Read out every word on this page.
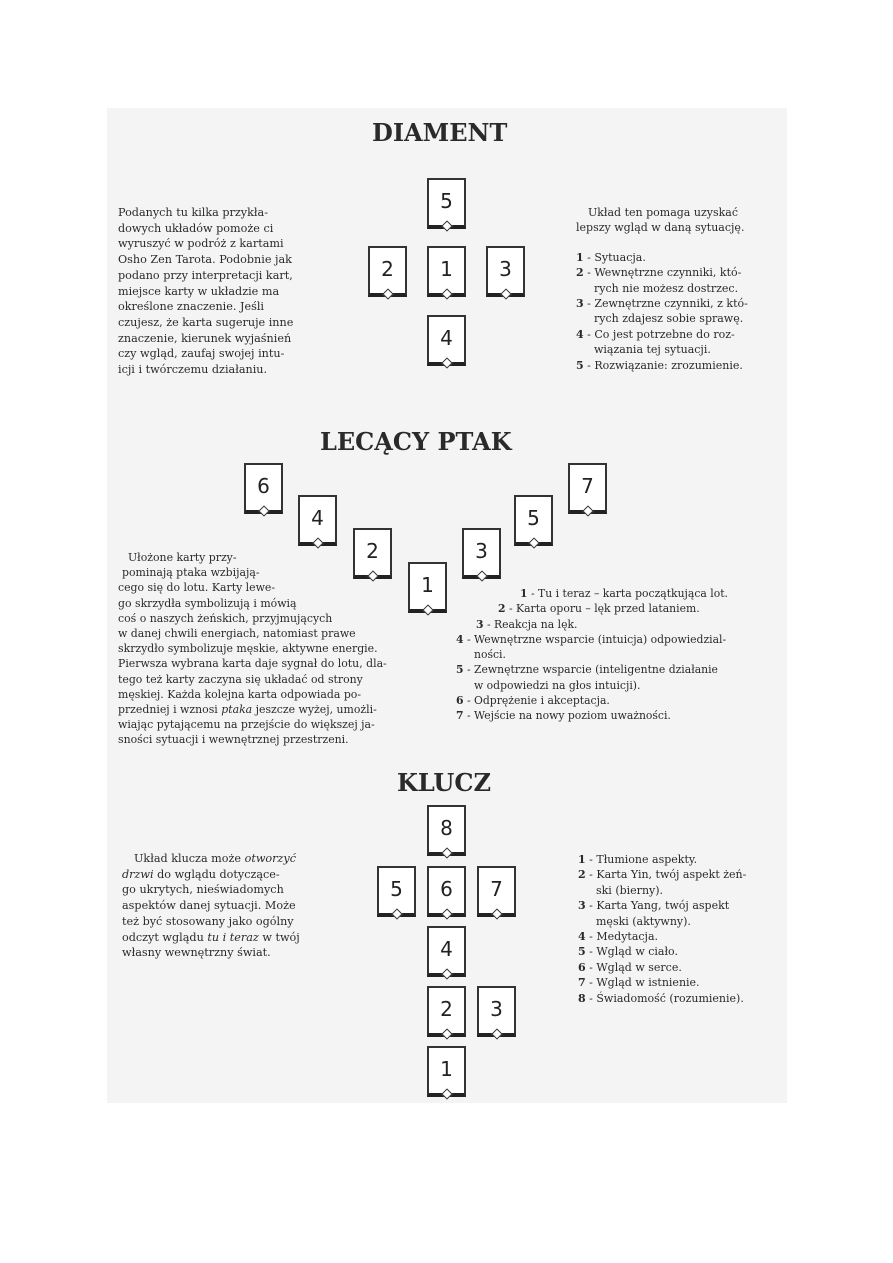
DIAMENT
5
2	1	3
4
Podanych tu kilka przykła-
dowych układów pomoże ci
wyruszyć w podróż z kartami
Osho Zen Tarota. Podobnie jak
podano przy interpretacji kart,
miejsce karty w układzie ma
określone znaczenie. Jeśli
czujesz, że karta sugeruje inne
znaczenie, kierunek wyjaśnień
czy wgląd, zaufaj swojej intu-
icji i twórczemu działaniu.
Układ ten pomaga uzyskać
lepszy wgląd w daną sytuację.
1 - Sytuacja.
2 - Wewnętrzne czynniki, któ-
rych nie możesz dostrzec.
3 - Zewnętrzne czynniki, z któ-
rych zdajesz sobie sprawę.
4 - Co jest potrzebne do roz-
wiązania tej sytuacji.
5 - Rozwiązanie: zrozumienie.
LECĄCY PTAK
6
4
2
1
3
5
7
Ułożone karty przy-
pominają ptaka wzbijają-
cego się do lotu. Karty lewe-
go skrzydła symbolizują i mówią
coś o naszych żeńskich, przyjmujących
w danej chwili energiach, natomiast prawe
skrzydło symbolizuje męskie, aktywne energie.
Pierwsza wybrana karta daje sygnał do lotu, dla-
tego też karty zaczyna się układać od strony
męskiej. Każda kolejna karta odpowiada po-
przedniej i wznosi ptaka jeszcze wyżej, umożli-
wiając pytającemu na przejście do większej ja-
sności sytuacji i wewnętrznej przestrzeni.
1 - Tu i teraz – karta początkująca lot.
2 - Karta oporu – lęk przed lataniem.
3 - Reakcja na lęk.
4 - Wewnętrzne wsparcie (intuicja) odpowiedzial-
ności.
5 - Zewnętrzne wsparcie (inteligentne działanie
w odpowiedzi na głos intuicji).
6 - Odprężenie i akceptacja.
7 - Wejście na nowy poziom uważności.
KLUCZ
8
5	6	7
4
2	3
1
Układ klucza może otworzyć
drzwi do wglądu dotyczące-
go ukrytych, nieświadomych
aspektów danej sytuacji. Może
też być stosowany jako ogólny
odczyt wglądu tu i teraz w twój
własny wewnętrzny świat.
1 - Tłumione aspekty.
2 - Karta Yin, twój aspekt żeń-
ski (bierny).
3 - Karta Yang, twój aspekt
męski (aktywny).
4 - Medytacja.
5 - Wgląd w ciało.
6 - Wgląd w serce.
7 - Wgląd w istnienie.
8 - Świadomość (rozumienie).
